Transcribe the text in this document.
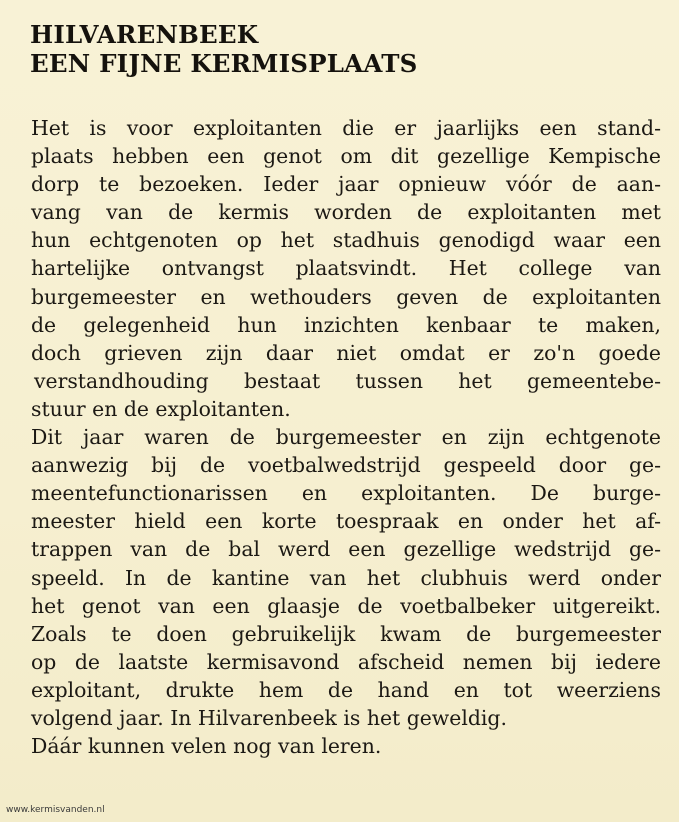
HILVARENBEEK
EEN FIJNE KERMISPLAATS
Het is voor exploitanten die er jaarlijks een stand-
plaats hebben een genot om dit gezellige Kempische
dorp te bezoeken. Ieder jaar opnieuw vóór de aan-
vang van de kermis worden de exploitanten met
hun echtgenoten op het stadhuis genodigd waar een
hartelijke ontvangst plaatsvindt. Het college van
burgemeester en wethouders geven de exploitanten
de gelegenheid hun inzichten kenbaar te maken,
doch grieven zijn daar niet omdat er zo'n goede
verstandhouding bestaat tussen het gemeentebe-
stuur en de exploitanten.
Dit jaar waren de burgemeester en zijn echtgenote
aanwezig bij de voetbalwedstrijd gespeeld door ge-
meentefunctionarissen en exploitanten. De burge-
meester hield een korte toespraak en onder het af-
trappen van de bal werd een gezellige wedstrijd ge-
speeld. In de kantine van het clubhuis werd onder
het genot van een glaasje de voetbalbeker uitgereikt.
Zoals te doen gebruikelijk kwam de burgemeester
op de laatste kermisavond afscheid nemen bij iedere
exploitant, drukte hem de hand en tot weerziens
volgend jaar. In Hilvarenbeek is het geweldig.
Dáár kunnen velen nog van leren.
www.kermisvanden.nl
